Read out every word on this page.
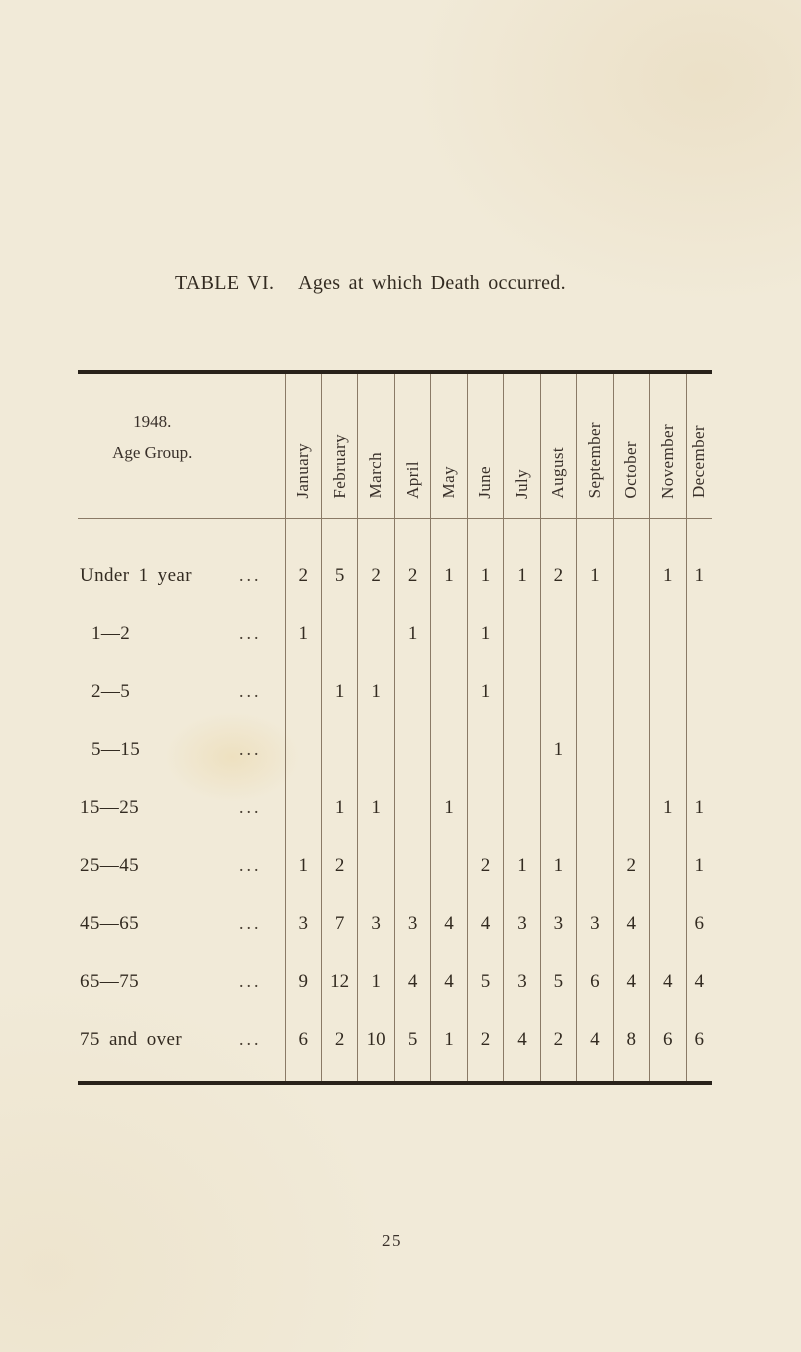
TABLE VI.   Ages at which Death occurred.
1948.
Age Group.	January	February	March	April	May	June	July	August	September	October	November	December

Under 1 year ...	2	5	2	2	1	1	1	2	1		1	1

1—2 ...	1			1		1						

2—5 ...		1	1			1						

5—15 ...								1				

15—25 ...		1	1		1						1	1

25—45 ...	1	2				2	1	1		2		1

45—65 ...	3	7	3	3	4	4	3	3	3	4		6

65—75 ...	9	12	1	4	4	5	3	5	6	4	4	4

75 and over ...	6	2	10	5	1	2	4	2	4	8	6	6
25
